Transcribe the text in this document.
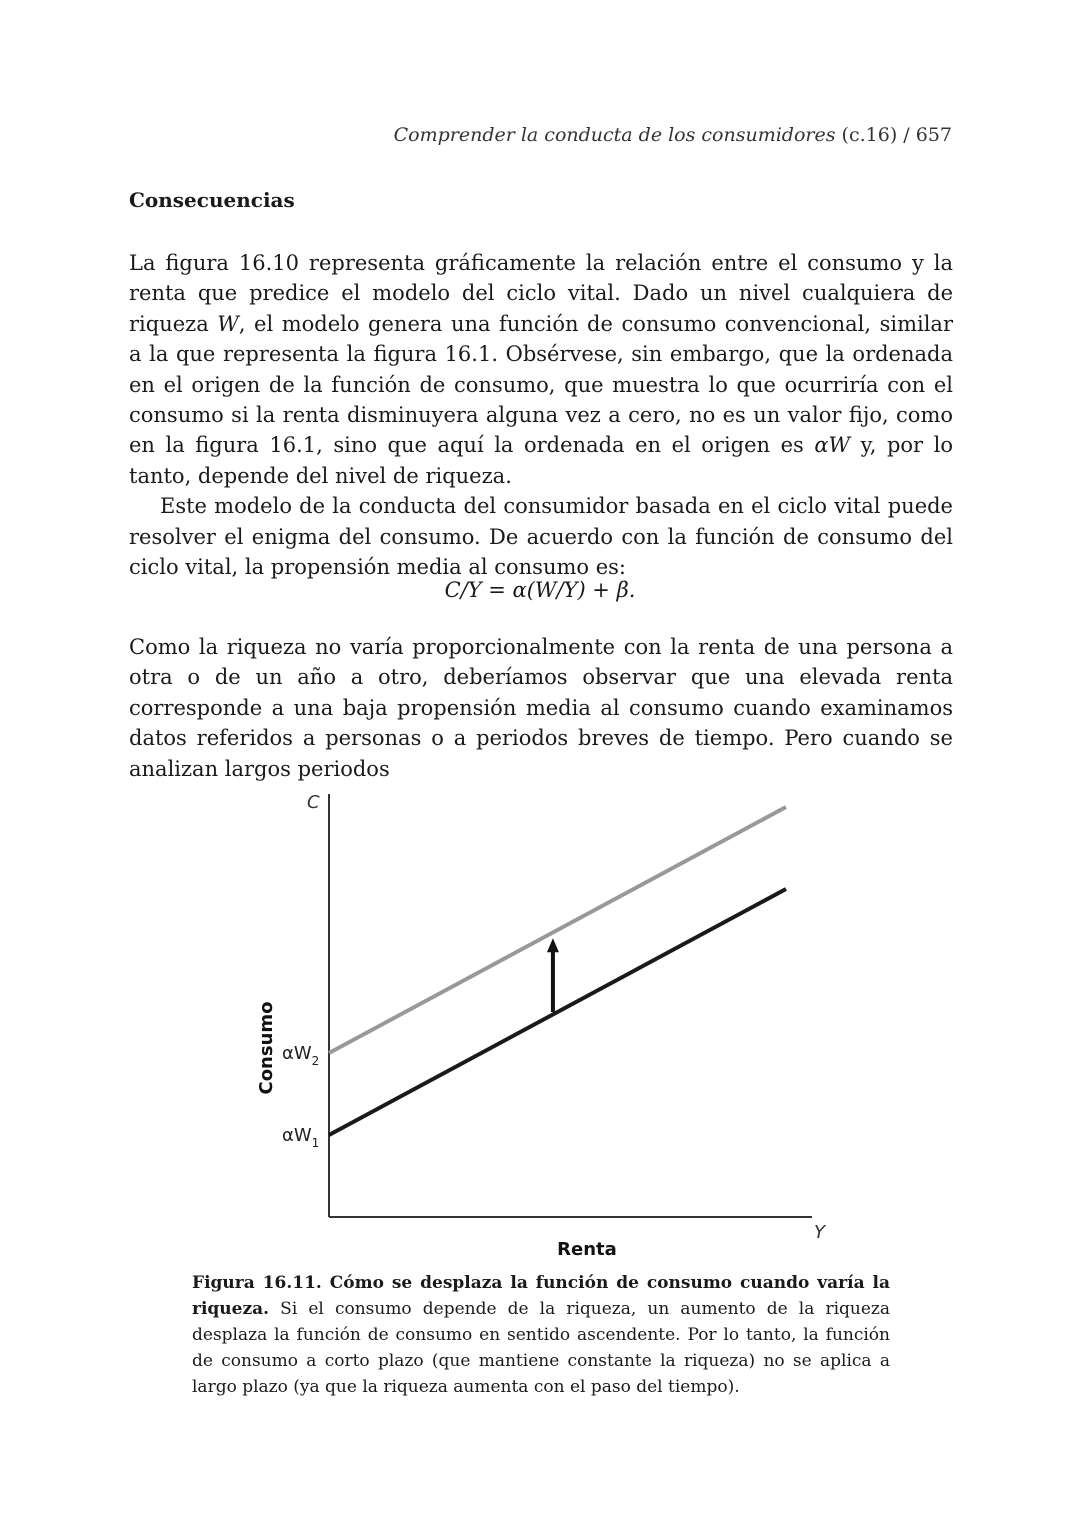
Comprender la conducta de los consumidores (c.16) / 657
Consecuencias

La figura 16.10 representa gráficamente la relación entre el consumo y la renta que predice el modelo del ciclo vital. Dado un nivel cualquiera de riqueza W, el modelo genera una función de consumo convencional, similar a la que representa la figura 16.1. Obsérvese, sin embargo, que la ordenada en el origen de la función de consumo, que muestra lo que ocurriría con el consumo si la renta disminuyera alguna vez a cero, no es un valor fijo, como en la figura 16.1, sino que aquí la ordenada en el origen es αW y, por lo tanto, depende del nivel de riqueza.

Este modelo de la conducta del consumidor basada en el ciclo vital puede resolver el enigma del consumo. De acuerdo con la función de consumo del ciclo vital, la propensión media al consumo es:

C/Y = α(W/Y) + β.

Como la riqueza no varía proporcionalmente con la renta de una persona a otra o de un año a otro, deberíamos observar que una elevada renta corresponde a una baja propensión media al consumo cuando examinamos datos referidos a personas o a periodos breves de tiempo. Pero cuando se analizan largos periodos

C
Y
Consumo
Renta
$\alpha W_1$
$\alpha W_2$
Figura 16.11. Cómo se desplaza la función de consumo cuando varía la riqueza. Si el consumo depende de la riqueza, un aumento de la riqueza desplaza la función de consumo en sentido ascendente. Por lo tanto, la función de consumo a corto plazo (que mantiene constante la riqueza) no se aplica a largo plazo (ya que la riqueza aumenta con el paso del tiempo).
